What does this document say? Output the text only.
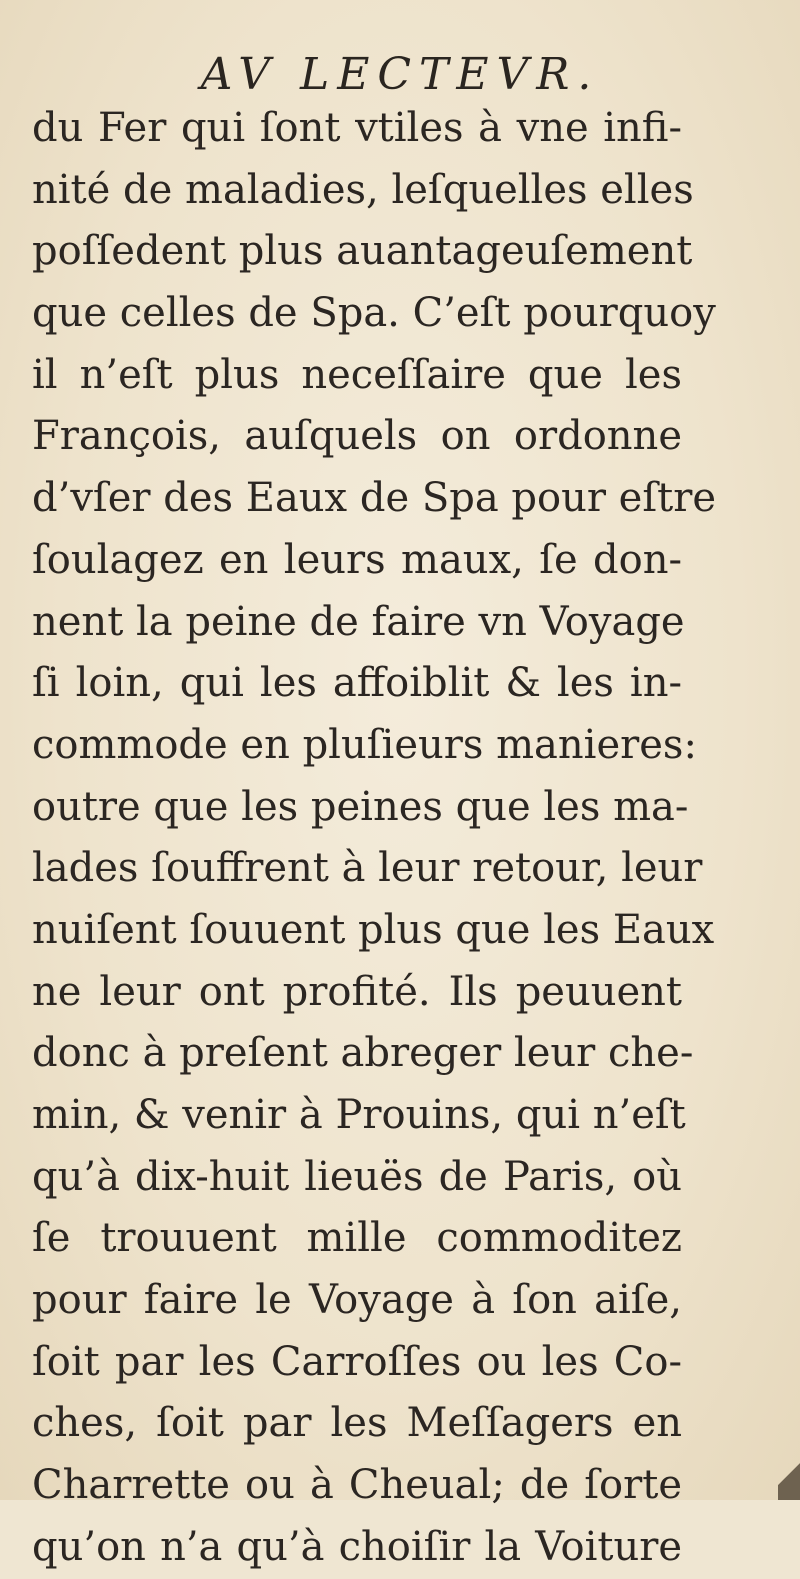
AV LECTEVR.
du Fer qui ſont vtiles à vne infi-
nité de maladies, leſquelles elles
poſſedent plus auantageuſement
que celles de Spa. C’eſt pourquoy
il n’eſt plus neceſſaire que les
François, auſquels on ordonne
d’vſer des Eaux de Spa pour eſtre
ſoulagez en leurs maux, ſe don-
nent la peine de faire vn Voyage
ſi loin, qui les affoiblit & les in-
commode en pluſieurs manieres:
outre que les peines que les ma-
lades ſouffrent à leur retour, leur
nuiſent ſouuent plus que les Eaux
ne leur ont profité. Ils peuuent
donc à preſent abreger leur che-
min, & venir à Prouins, qui n’eſt
qu’à dix-huit lieuës de Paris, où
ſe trouuent mille commoditez
pour faire le Voyage à ſon aiſe,
ſoit par les Carroſſes ou les Co-
ches, ſoit par les Meſſagers en
Charrette ou à Cheual; de ſorte
qu’on n’a qu’à choiſir la Voiture
